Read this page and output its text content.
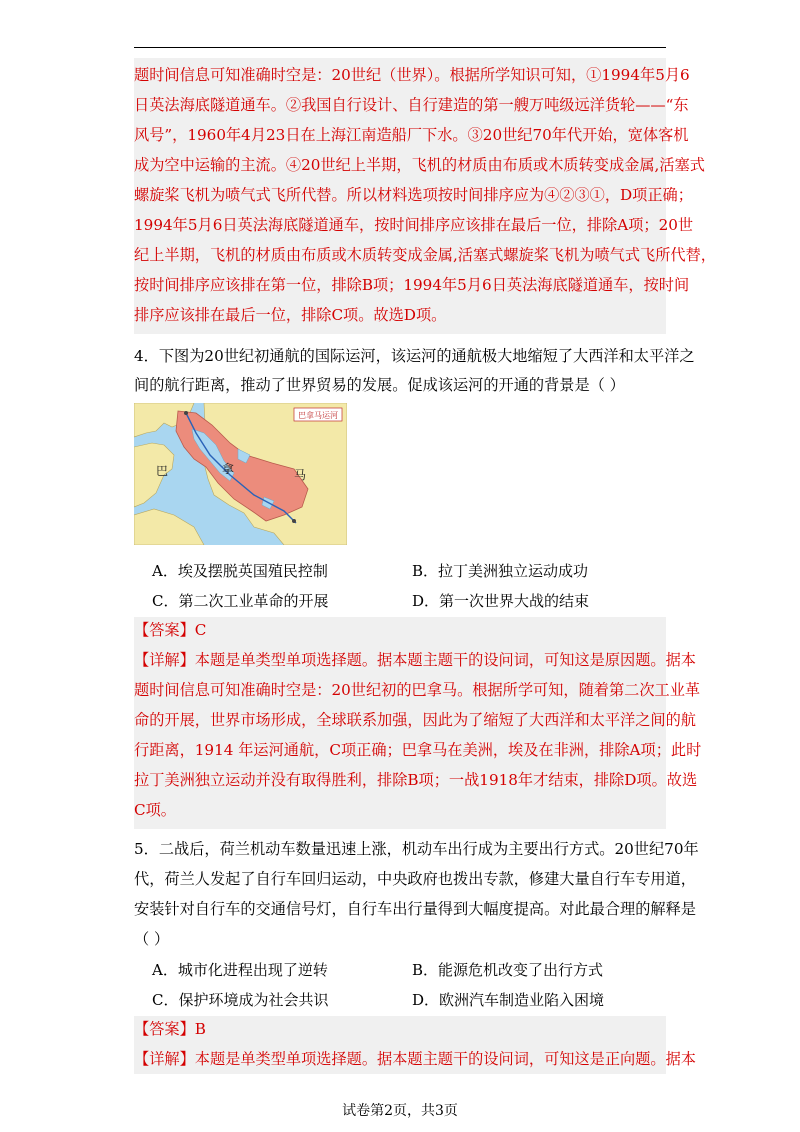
题时间信息可知准确时空是：20世纪（世界）。根据所学知识可知，①1994年5月6
日英法海底隧道通车。②我国自行设计、自行建造的第一艘万吨级远洋货轮——“东
风号”，1960年4月23日在上海江南造船厂下水。③20世纪70年代开始，宽体客机
成为空中运输的主流。④20世纪上半期，飞机的材质由布质或木质转变成金属,活塞式
螺旋桨飞机为喷气式飞所代替。所以材料选项按时间排序应为④②③①，D项正确；
1994年5月6日英法海底隧道通车，按时间排序应该排在最后一位，排除A项；20世
纪上半期，飞机的材质由布质或木质转变成金属,活塞式螺旋桨飞机为喷气式飞所代替，
按时间排序应该排在第一位，排除B项；1994年5月6日英法海底隧道通车，按时间
排序应该排在最后一位，排除C项。故选D项。
4．下图为20世纪初通航的国际运河，该运河的通航极大地缩短了大西洋和太平洋之
间的航行距离，推动了世界贸易的发展。促成该运河的开通的背景是（ ）
巴拿马运河
巴	拿	马
A．埃及摆脱英国殖民控制	B．拉丁美洲独立运动成功
C．第二次工业革命的开展	D．第一次世界大战的结束
【答案】C
【详解】本题是单类型单项选择题。据本题主题干的设问词，可知这是原因题。据本
题时间信息可知准确时空是：20世纪初的巴拿马。根据所学可知，随着第二次工业革
命的开展，世界市场形成，全球联系加强，因此为了缩短了大西洋和太平洋之间的航
行距离，1914 年运河通航，C项正确；巴拿马在美洲，埃及在非洲，排除A项；此时
拉丁美洲独立运动并没有取得胜利，排除B项；一战1918年才结束，排除D项。故选
C项。
5．二战后，荷兰机动车数量迅速上涨，机动车出行成为主要出行方式。20世纪70年
代，荷兰人发起了自行车回归运动，中央政府也拨出专款，修建大量自行车专用道，
安装针对自行车的交通信号灯，自行车出行量得到大幅度提高。对此最合理的解释是
（ ）
A．城市化进程出现了逆转	B．能源危机改变了出行方式
C．保护环境成为社会共识	D．欧洲汽车制造业陷入困境
【答案】B
【详解】本题是单类型单项选择题。据本题主题干的设问词，可知这是正向题。据本
试卷第2页，共3页
